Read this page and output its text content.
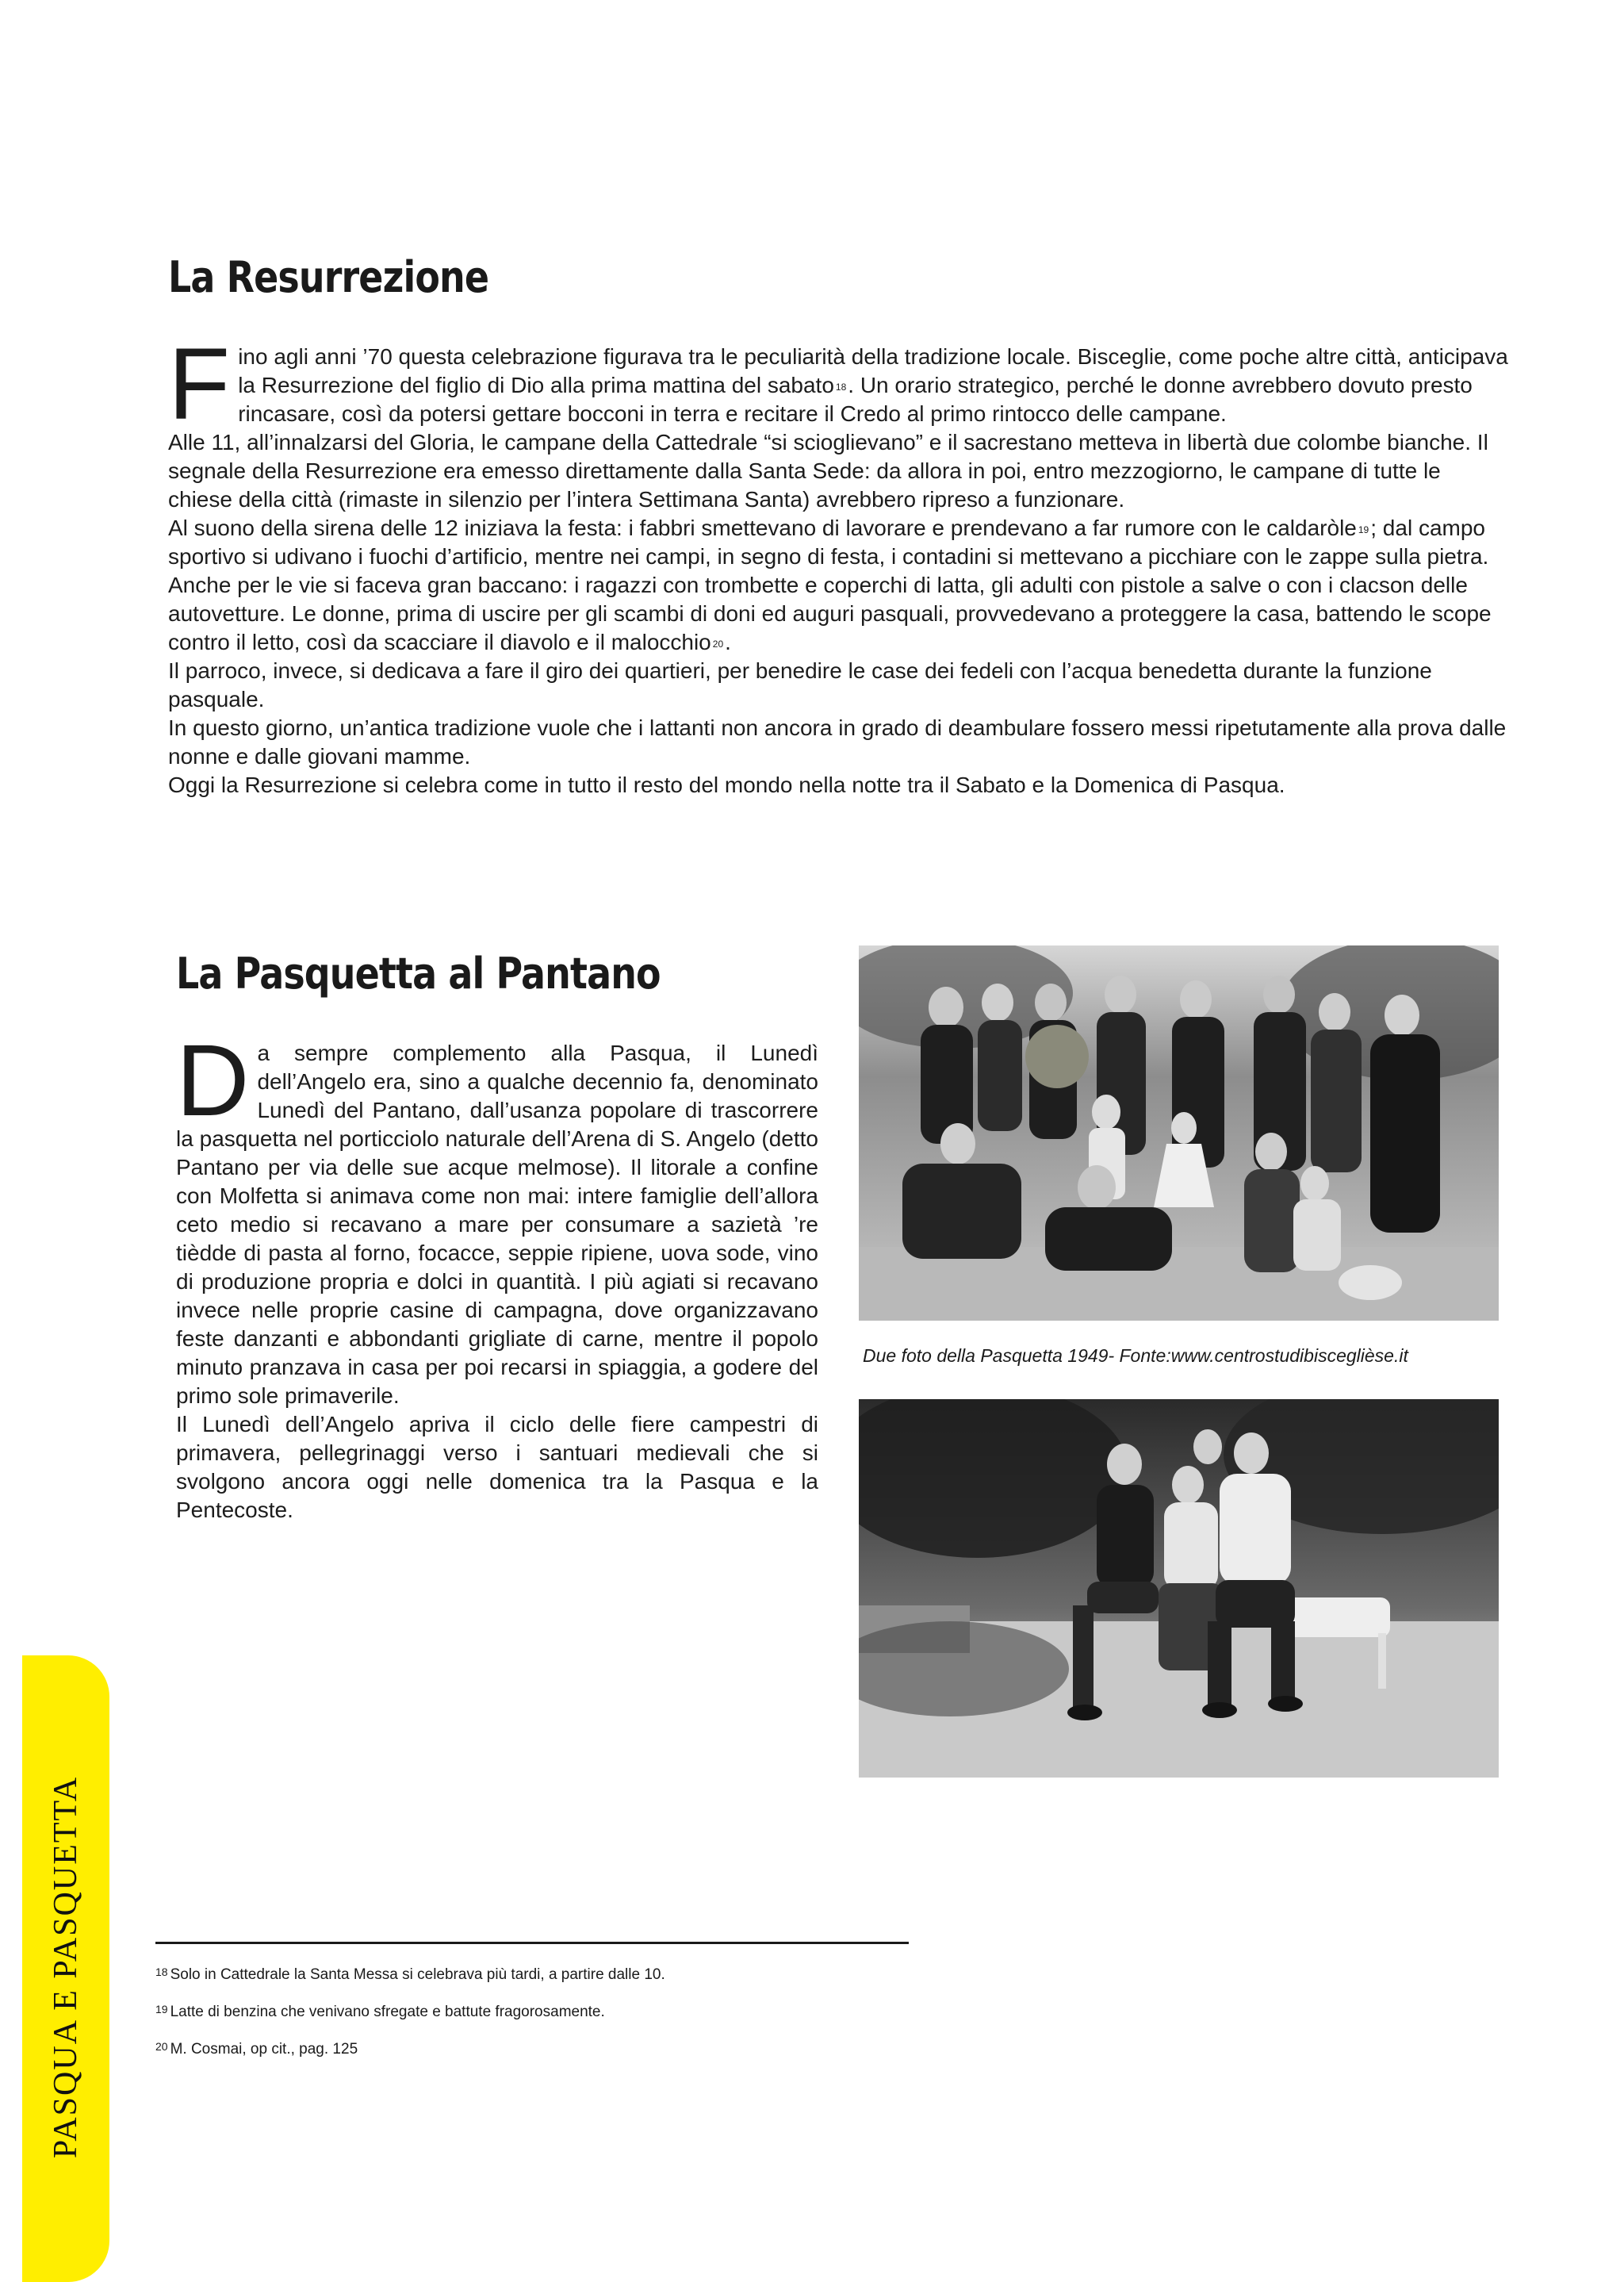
La Resurrezione

Fino agli anni ’70 questa celebrazione figurava tra le peculiarità della tradizione locale. Bisceglie, come poche altre città, anticipava la Resurrezione del figlio di Dio alla prima mattina del sabato $^{18}$. Un orario strategico, perché le donne avrebbero dovuto presto rincasare, così da potersi gettare bocconi in terra e recitare il Credo al primo rintocco delle campane.

Alle 11, all’innalzarsi del Gloria, le campane della Cattedrale “si scioglievano” e il sacrestano metteva in libertà due colombe bianche. Il segnale della Resurrezione era emesso direttamente dalla Santa Sede: da allora in poi, entro mezzogiorno, le campane di tutte le chiese della città (rimaste in silenzio per l’intera Settimana Santa) avrebbero ripreso a funzionare.

Al suono della sirena delle 12 iniziava la festa: i fabbri smettevano di lavorare e prendevano a far rumore con le caldaròle $^{19}$; dal campo sportivo si udivano i fuochi d’artificio, mentre nei campi, in segno di festa, i contadini si mettevano a picchiare con le zappe sulla pietra. Anche per le vie si faceva gran baccano: i ragazzi con trombette e coperchi di latta, gli adulti con pistole a salve o con i clacson delle autovetture. Le donne, prima di uscire per gli scambi di doni ed auguri pasquali, provvedevano a proteggere la casa, battendo le scope contro il letto, così da scacciare il diavolo e il malocchio $^{20}$.

Il parroco, invece, si dedicava a fare il giro dei quartieri, per benedire le case dei fedeli con l’acqua benedetta durante la funzione pasquale.

In questo giorno, un’antica tradizione vuole che i lattanti non ancora in grado di deambulare fossero messi ripetutamente alla prova dalle nonne e dalle giovani mamme.

Oggi la Resurrezione si celebra come in tutto il resto del mondo nella notte tra il Sabato e la Domenica di Pasqua.

La Pasquetta al Pantano

Da sempre complemento alla Pasqua, il Lunedì dell’Angelo era, sino a qualche decennio fa, denominato Lunedì del Pantano, dall’usanza popolare di trascorrere la pasquetta nel porticciolo naturale dell’Arena di S. Angelo (detto Pantano per via delle sue acque melmose). Il litorale a confine con Molfetta si animava come non mai: intere famiglie dell’allora ceto medio si recavano a mare per consumare a sazietà ’re tièdde di pasta al forno, focacce, seppie ripiene, uova sode, vino di produzione propria e dolci in quantità. I più agiati si recavano invece nelle proprie casine di campagna, dove organizzavano feste danzanti e abbondanti grigliate di carne, mentre il popolo minuto pranzava in casa per poi recarsi in spiaggia, a godere del primo sole primaverile.

Il Lunedì dell’Angelo apriva il ciclo delle fiere campestri di primavera, pellegrinaggi verso i santuari medievali che si svolgono ancora oggi nelle domenica tra la Pasqua e la Pentecoste.

Due foto della Pasquetta 1949- Fonte:www.centrostudibisceglièse.it

$^{18}$ Solo in Cattedrale la Santa Messa si celebrava più tardi, a partire dalle 10.

$^{19}$ Latte di benzina che venivano sfregate e battute fragorosamente.

$^{20}$ M. Cosmai, op cit., pag. 125

PASQUA E PASQUETTA
